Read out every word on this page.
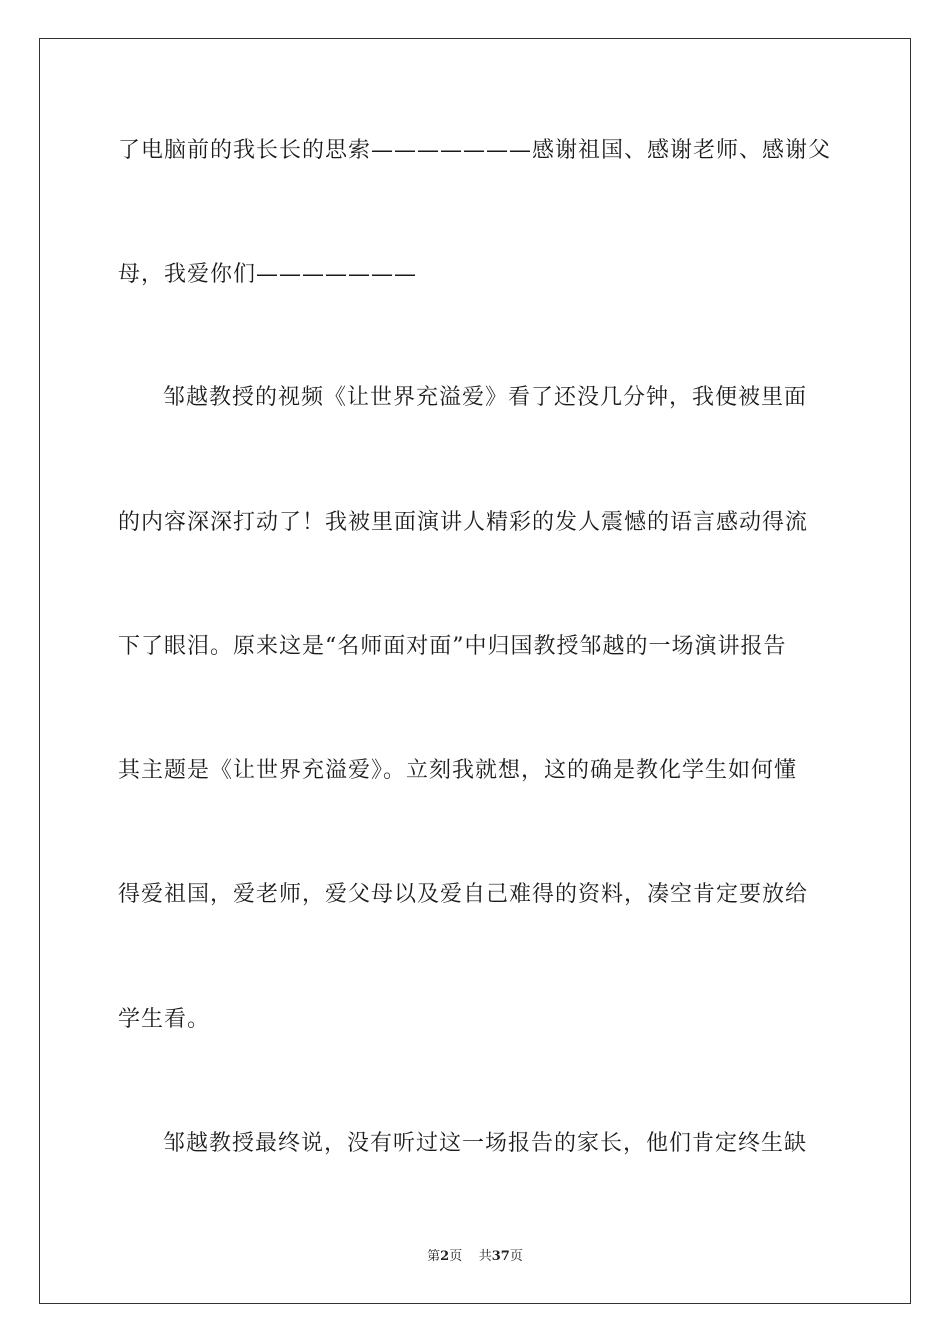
了电脑前的我长长的思索———————感谢祖国、感谢老师、感谢父
母，我爱你们———————
邹越教授的视频《让世界充溢爱》看了还没几分钟，我便被里面
的内容深深打动了！我被里面演讲人精彩的发人震憾的语言感动得流
下了眼泪。原来这是“名师面对面”中归国教授邹越的一场演讲报告
其主题是《让世界充溢爱》。立刻我就想，这的确是教化学生如何懂
得爱祖国，爱老师，爱父母以及爱自己难得的资料，凑空肯定要放给
学生看。
邹越教授最终说，没有听过这一场报告的家长，他们肯定终生缺
第2页 共37页
